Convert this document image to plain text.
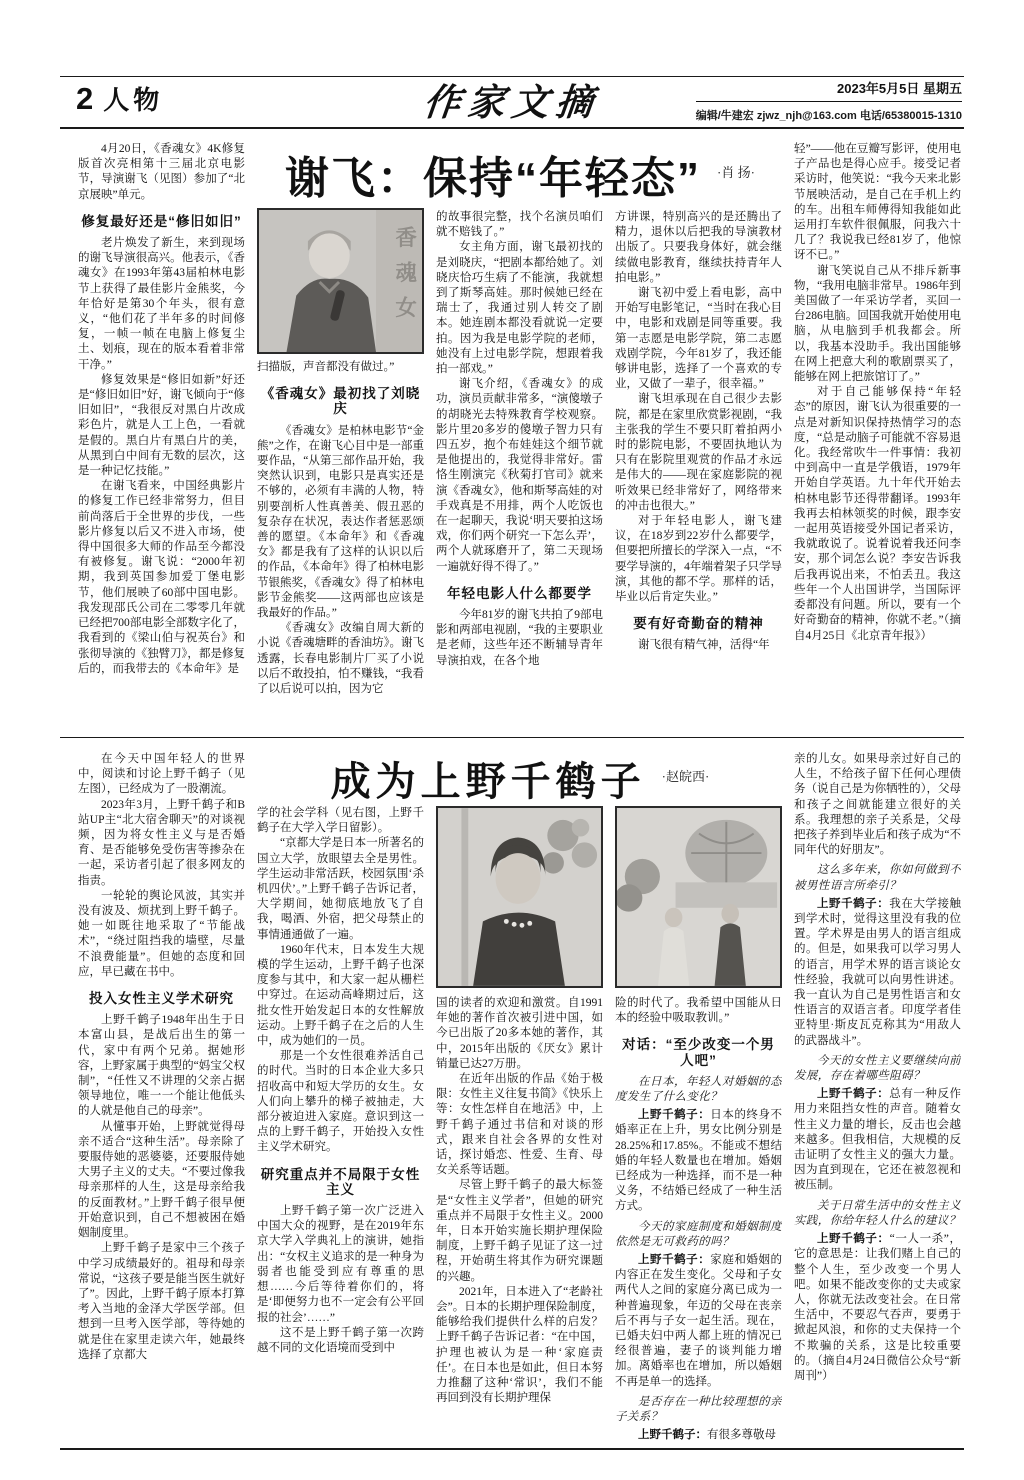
2 人物	作家文摘	2023年5月5日 星期五
编辑/牛建宏 zjwz_njh@163.com 电话/65380015-1310
谢飞：保持“年轻态” ·肖 扬·
香
魂
女

4月20日，《香魂女》4K修复版首次亮相第十三届北京电影节，导演谢飞（见图）参加了“北京展映”单元。

修复最好还是“修旧如旧”

老片焕发了新生，来到现场的谢飞导演很高兴。他表示，《香魂女》在1993年第43届柏林电影节上获得了最佳影片金熊奖，今年恰好是第30个年头，很有意义，“他们花了半年多的时间修复，一帧一帧在电脑上修复尘土、划痕，现在的版本看着非常干净。”

修复效果是“修旧如新”好还是“修旧如旧”好，谢飞倾向于“修旧如旧”，“我很反对黑白片改成彩色片，就是人工上色，一看就是假的。黑白片有黑白片的美，从黑到白中间有无数的层次，这是一种记忆技能。”

在谢飞看来，中国经典影片的修复工作已经非常努力，但目前尚落后于全世界的步伐，一些影片修复以后又不进入市场，使得中国很多大师的作品至今都没有被修复。谢飞说：“2000年初期，我到英国参加爱丁堡电影节，他们展映了60部中国电影。我发现邵氏公司在二零零几年就已经把700部电影全部数字化了，我看到的《梁山伯与祝英台》和张彻导演的《独臂刀》，都是修复后的，而我带去的《本命年》是

扫描版，声音都没有做过。”

《香魂女》最初找了刘晓庆

《香魂女》是柏林电影节“金熊”之作，在谢飞心目中是一部重要作品，“从第三部作品开始，我突然认识到，电影只是真实还是不够的，必须有丰满的人物，特别要剖析人性真善美、假丑恶的复杂存在状况，表达作者惩恶颂善的愿望。《本命年》和《香魂女》都是我有了这样的认识以后的作品，《本命年》得了柏林电影节银熊奖，《香魂女》得了柏林电影节金熊奖——这两部也应该是我最好的作品。”

《香魂女》改编自周大新的小说《香魂塘畔的香油坊》。谢飞透露，长春电影制片厂买了小说以后不敢投拍，怕不赚钱，“我看了以后说可以拍，因为它

的故事很完整，找个名演员咱们就不赔钱了。”

女主角方面，谢飞最初找的是刘晓庆，“把剧本都给她了。刘晓庆恰巧生病了不能演，我就想到了斯琴高娃。那时候她已经在瑞士了，我通过别人转交了剧本。她连剧本都没看就说一定要拍。因为我是电影学院的老师，她没有上过电影学院，想跟着我拍一部戏。”

谢飞介绍，《香魂女》的成功，演员贡献非常多，“演傻墩子的胡晓光去特殊教育学校观察。影片里20多岁的傻墩子智力只有四五岁，抱个布娃娃这个细节就是他提出的，我觉得非常好。雷恪生刚演完《秋菊打官司》就来演《香魂女》，他和斯琴高娃的对手戏真是不用排，两个人吃饭也在一起聊天，我说‘明天要拍这场戏，你们两个研究一下怎么弄’，两个人就琢磨开了，第二天现场一遍就好得不得了。”

年轻电影人什么都要学

今年81岁的谢飞共拍了9部电影和两部电视剧，“我的主要职业是老师，这些年还不断辅导青年导演拍戏，在各个地

方讲课，特别高兴的是还腾出了精力，退休以后把我的导演教材出版了。只要我身体好，就会继续做电影教育，继续扶持青年人拍电影。”

谢飞初中爱上看电影，高中开始写电影笔记，“当时在我心目中，电影和戏剧是同等重要。我第一志愿是电影学院，第二志愿戏剧学院，今年81岁了，我还能够讲电影，选择了一个喜欢的专业，又做了一辈子，很幸福。”

谢飞坦承现在自己很少去影院，都是在家里欣赏影视剧，“我主张我的学生不要只盯着拍两小时的影院电影，不要固执地认为只有在影院里观赏的作品才永远是伟大的——现在家庭影院的视听效果已经非常好了，网络带来的冲击也很大。”

对于年轻电影人，谢飞建议，在18岁到22岁什么都要学，但要把所擅长的学深入一点，“不要学导演的，4年端着架子只学导演，其他的都不学。那样的话，毕业以后肯定失业。”

要有好奇勤奋的精神

谢飞很有精气神，活得“年

轻”——他在豆瓣写影评，使用电子产品也是得心应手。接受记者采访时，他笑说：“我今天来北影节展映活动，是自己在手机上约的车。出租车师傅得知我能如此运用打车软件很佩服，问我六十几了？我说我已经81岁了，他惊讶不已。”

谢飞笑说自己从不排斥新事物，“我用电脑非常早。1986年到美国做了一年采访学者，买回一台286电脑。回国我就开始使用电脑，从电脑到手机我都会。所以，我基本没助手。我出国能够在网上把意大利的歌剧票买了，能够在网上把旅馆订了。”

对于自己能够保持“年轻态”的原因，谢飞认为很重要的一点是对新知识保持热情学习的态度，“总是动脑子可能就不容易退化。我经常吹牛一件事情：我初中到高中一直是学俄语，1979年开始自学英语。九十年代开始去柏林电影节还得带翻译。1993年我再去柏林领奖的时候，跟李安一起用英语接受外国记者采访，我就敢说了。说着说着我还问李安，那个词怎么说？李安告诉我后我再说出来，不怕丢丑。我这些年一个人出国讲学，当国际评委都没有问题。所以，要有一个好奇勤奋的精神，你就不老。”（摘自4月25日《北京青年报》）

成为上野千鹤子 ·赵皖西·

在今天中国年轻人的世界中，阅读和讨论上野千鹤子（见左图），已经成为了一股潮流。

2023年3月，上野千鹤子和B站UP主“北大宿舍聊天”的对谈视频，因为将女性主义与是否婚育、是否能够免受伤害等掺杂在一起，采访者引起了很多网友的指责。

一轮轮的舆论风波，其实并没有波及、烦扰到上野千鹤子。她一如既往地采取了“节能战术”，“绕过阻挡我的墙壁，尽量不浪费能量”。但她的态度和回应，早已藏在书中。

投入女性主义学术研究

上野千鹤子1948年出生于日本富山县，是战后出生的第一代，家中有两个兄弟。据她形容，上野家属于典型的“妈宝父权制”，“任性又不讲理的父亲占据领导地位，唯一一个能让他低头的人就是他自己的母亲”。

从懂事开始，上野就觉得母亲不适合“这种生活”。母亲除了要服侍她的恶婆婆，还要服侍她大男子主义的丈夫。“不要过像我母亲那样的人生，这是母亲给我的反面教材。”上野千鹤子很早便开始意识到，自己不想被困在婚姻制度里。

上野千鹤子是家中三个孩子中学习成绩最好的。祖母和母亲常说，“这孩子要是能当医生就好了”。因此，上野千鹤子原本打算考入当地的金泽大学医学部。但想到一旦考入医学部，等待她的就是住在家里走读六年，她最终选择了京都大

学的社会学科（见右图，上野千鹤子在大学入学日留影）。

“京都大学是日本一所著名的国立大学，放眼望去全是男性。学生运动非常活跃，校园氛围‘杀机四伏’。”上野千鹤子告诉记者，大学期间，她彻底地放飞了自我，喝酒、外宿，把父母禁止的事情通通做了一遍。

1960年代末，日本发生大规模的学生运动，上野千鹤子也深度参与其中，和大家一起从栅栏中穿过。在运动高峰期过后，这批女性开始发起日本的女性解放运动。上野千鹤子在之后的人生中，成为她们的一员。

那是一个女性很难养活自己的时代。当时的日本企业大多只招收高中和短大学历的女生。女人们向上攀升的梯子被抽走，大部分被迫进入家庭。意识到这一点的上野千鹤子，开始投入女性主义学术研究。

研究重点并不局限于女性主义

上野千鹤子第一次广泛进入中国大众的视野，是在2019年东京大学入学典礼上的演讲，她指出：“女权主义追求的是一种身为弱者也能受到应有尊重的思想……今后等待着你们的，将是‘即便努力也不一定会有公平回报的社会’……”

这不是上野千鹤子第一次跨越不同的文化语境而受到中

国的读者的欢迎和激赏。自1991年她的著作首次被引进中国，如今已出版了20多本她的著作，其中，2015年出版的《厌女》累计销量已达27万册。

在近年出版的作品《始于极限：女性主义往复书简》《快乐上等：女性怎样自在地活》中，上野千鹤子通过书信和对谈的形式，跟来自社会各界的女性对话，探讨婚恋、性爱、生育、母女关系等话题。

尽管上野千鹤子的最大标签是“女性主义学者”，但她的研究重点并不局限于女性主义。2000年，日本开始实施长期护理保险制度，上野千鹤子见证了这一过程，开始萌生将其作为研究课题的兴趣。

2021年，日本进入了“老龄社会”。日本的长期护理保险制度，能够给我们提供什么样的启发？上野千鹤子告诉记者：“在中国，护理也被认为是一种‘家庭责任’。在日本也是如此，但日本努力推翻了这种‘常识’，我们不能再回到没有长期护理保

险的时代了。我希望中国能从日本的经验中吸取教训。”

对话：“至少改变一个男人吧”

在日本，年轻人对婚姻的态度发生了什么变化？

上野千鹤子：日本的终身不婚率正在上升，男女比例分别是28.25%和17.85%。不能或不想结婚的年轻人数量也在增加。婚姻已经成为一种选择，而不是一种义务，不结婚已经成了一种生活方式。

今天的家庭制度和婚姻制度依然是无可救药的吗？

上野千鹤子：家庭和婚姻的内容正在发生变化。父母和子女两代人之间的家庭分离已成为一种普遍现象，年迈的父母在丧亲后不再与子女一起生活。现在，已婚夫妇中两人都上班的情况已经很普遍，妻子的谈判能力增加。离婚率也在增加，所以婚姻不再是单一的选择。

是否存在一种比较理想的亲子关系？

上野千鹤子：有很多尊敬母

亲的儿女。如果母亲过好自己的人生，不给孩子留下任何心理债务（说自己是为你牺牲的），父母和孩子之间就能建立很好的关系。我理想的亲子关系是，父母把孩子养到毕业后和孩子成为“不同年代的好朋友”。

这么多年来，你如何做到不被男性语言所牵引？

上野千鹤子：我在大学接触到学术时，觉得这里没有我的位置。学术界是由男人的语言组成的。但是，如果我可以学习男人的语言，用学术界的语言谈论女性经验，我就可以向男性讲述。我一直认为自己是男性语言和女性语言的双语言者。印度学者佳亚特里·斯皮瓦克称其为“用敌人的武器战斗”。

今天的女性主义要继续向前发展，存在着哪些阻碍？

上野千鹤子：总有一种反作用力来阻挡女性的声音。随着女性主义力量的增长，反击也会越来越多。但我相信，大规模的反击证明了女性主义的强大力量。因为直到现在，它还在被忽视和被压制。

关于日常生活中的女性主义实践，你给年轻人什么的建议？

上野千鹤子：“一人一杀”，它的意思是：让我们赌上自己的整个人生，至少改变一个男人吧。如果不能改变你的丈夫或家人，你就无法改变社会。在日常生活中，不要忍气吞声，要勇于掀起风浪，和你的丈夫保持一个不欺骗的关系，这是比较重要的。（摘自4月24日微信公众号“新周刊”）
